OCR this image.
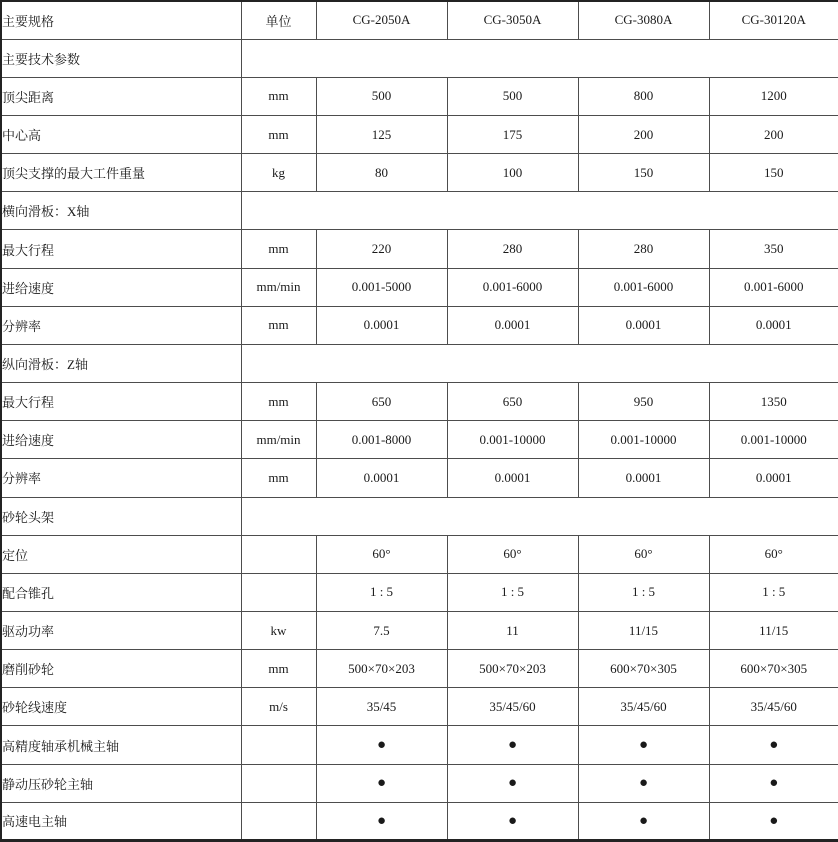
主要规格	单位	CG-2050A	CG-3050A	CG-3080A	CG-30120A
主要技术参数					
顶尖距离	mm	500	500	800	1200
中心高	mm	125	175	200	200
顶尖支撑的最大工件重量	kg	80	100	150	150
横向滑板：X轴					
最大行程	mm	220	280	280	350
进给速度	mm/min	0.001-5000	0.001-6000	0.001-6000	0.001-6000
分辨率	mm	0.0001	0.0001	0.0001	0.0001
纵向滑板：Z轴					
最大行程	mm	650	650	950	1350
进给速度	mm/min	0.001-8000	0.001-10000	0.001-10000	0.001-10000
分辨率	mm	0.0001	0.0001	0.0001	0.0001
砂轮头架					
定位		60°	60°	60°	60°
配合锥孔		1 : 5	1 : 5	1 : 5	1 : 5
驱动功率	kw	7.5	11	11/15	11/15
磨削砂轮	mm	500×70×203	500×70×203	600×70×305	600×70×305
砂轮线速度	m/s	35/45	35/45/60	35/45/60	35/45/60
高精度轴承机械主轴		●	●	●	●
静动压砂轮主轴		●	●	●	●
高速电主轴		●	●	●	●
